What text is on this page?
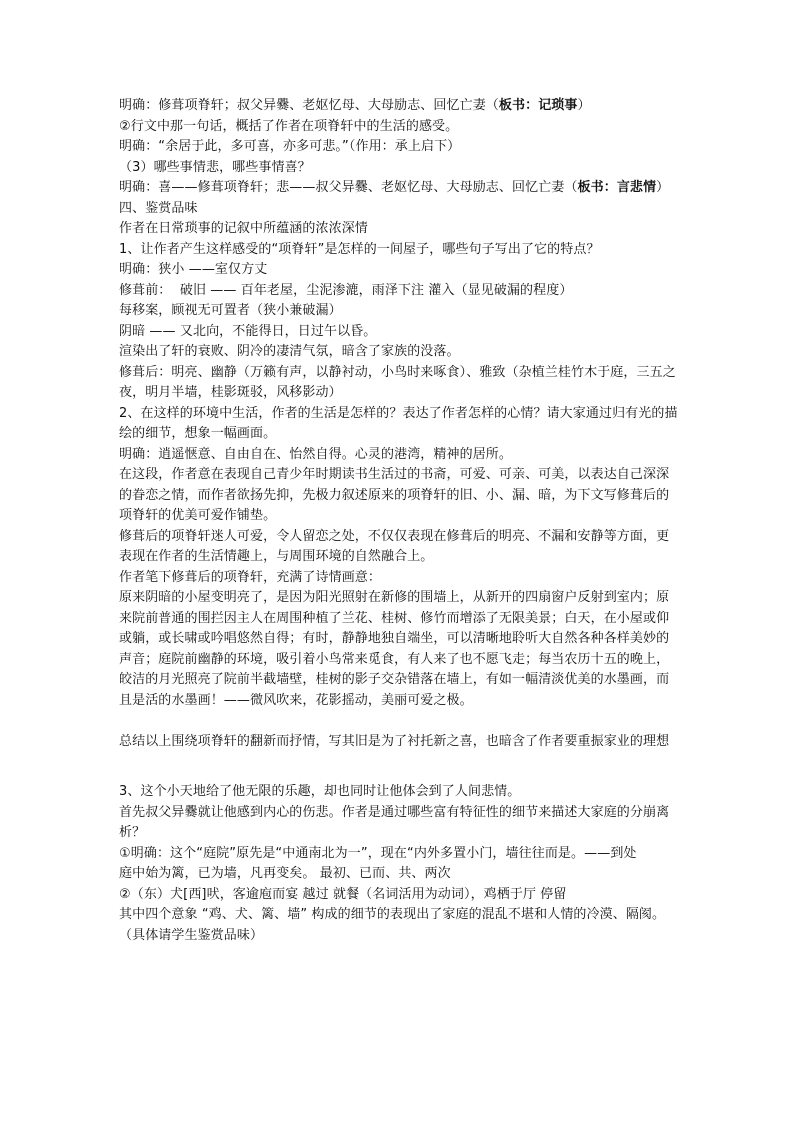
明确：修葺项脊轩；叔父异爨、老妪忆母、大母励志、回忆亡妻（板书：记琐事）
②行文中那一句话，概括了作者在项脊轩中的生活的感受。
明确：“余居于此，多可喜，亦多可悲。”（作用：承上启下）
（3）哪些事情悲，哪些事情喜？
明确：喜——修葺项脊轩；悲——叔父异爨、老妪忆母、大母励志、回忆亡妻（板书：言悲情）
四、鉴赏品味
作者在日常琐事的记叙中所蕴涵的浓浓深情
1、让作者产生这样感受的“项脊轩”是怎样的一间屋子，哪些句子写出了它的特点？
明确：狭小 ——室仅方丈
修葺前：  破旧 —— 百年老屋，尘泥渗漉，雨泽下注 灌入（显见破漏的程度）
每移案，顾视无可置者（狭小兼破漏）
阴暗 —— 又北向，不能得日，日过午以昏。
渲染出了轩的衰败、阴冷的凄清气氛，暗含了家族的没落。
修葺后：明亮、幽静（万籁有声，以静衬动，小鸟时来啄食）、雅致（杂植兰桂竹木于庭，三五之夜，明月半墙，桂影斑驳，风移影动）
2、在这样的环境中生活，作者的生活是怎样的？表达了作者怎样的心情？请大家通过归有光的描绘的细节，想象一幅画面。
明确：逍遥惬意、自由自在、怡然自得。心灵的港湾，精神的居所。
在这段，作者意在表现自己青少年时期读书生活过的书斋，可爱、可亲、可美，以表达自己深深的眷恋之情，而作者欲扬先抑，先极力叙述原来的项脊轩的旧、小、漏、暗，为下文写修葺后的项脊轩的优美可爱作铺垫。
修葺后的项脊轩迷人可爱，令人留恋之处，不仅仅表现在修葺后的明亮、不漏和安静等方面，更表现在作者的生活情趣上，与周围环境的自然融合上。
作者笔下修葺后的项脊轩，充满了诗情画意：
原来阴暗的小屋变明亮了，是因为阳光照射在新修的围墙上，从新开的四扇窗户反射到室内；原来院前普通的围拦因主人在周围种植了兰花、桂树、修竹而增添了无限美景；白天，在小屋或仰或躺，或长啸或吟唱悠然自得；有时，静静地独自端坐，可以清晰地聆听大自然各种各样美妙的声音；庭院前幽静的环境，吸引着小鸟常来觅食，有人来了也不愿飞走；每当农历十五的晚上，皎洁的月光照亮了院前半截墙壁，桂树的影子交杂错落在墙上，有如一幅清淡优美的水墨画，而且是活的水墨画！——微风吹来，花影摇动，美丽可爱之极。
总结以上围绕项脊轩的翻新而抒情，写其旧是为了衬托新之喜，也暗含了作者要重振家业的理想
3、这个小天地给了他无限的乐趣，却也同时让他体会到了人间悲情。
首先叔父异爨就让他感到内心的伤悲。作者是通过哪些富有特征性的细节来描述大家庭的分崩离析？
①明确：这个“庭院”原先是“中通南北为一”，现在“内外多置小门，墙往往而是。——到处
庭中始为篱，已为墙，凡再变矣。 最初、已而、共、两次
②（东）犬[西]吠，客逾庖而宴 越过 就餐（名词活用为动词），鸡栖于厅 停留
其中四个意象 “鸡、犬、篱、墙” 构成的细节的表现出了家庭的混乱不堪和人情的冷漠、隔阂。（具体请学生鉴赏品味）
